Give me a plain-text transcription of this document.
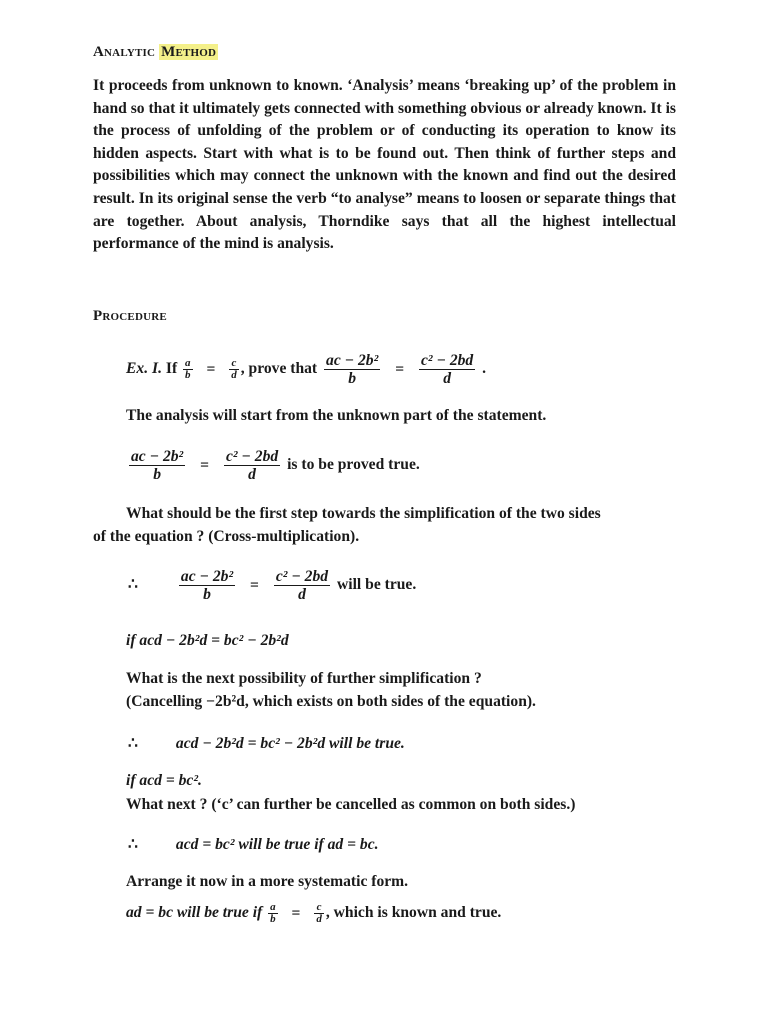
Analytic Method
It proceeds from unknown to known. ‘Analysis’ means ‘breaking up’ of the problem in hand so that it ultimately gets connected with something obvious or already known. It is the process of unfolding of the problem or of conducting its operation to know its hidden aspects. Start with what is to be found out. Then think of further steps and possibilities which may connect the unknown with the known and find out the desired result. In its original sense the verb “to analyse” means to loosen or separate things that are together. About analysis, Thorndike says that all the highest intellectual performance of the mind is analysis.
Procedure
Ex. I. If $\frac{a}{b} = \frac{c}{d}$ , prove that $\frac{\text{ac − 2b²}}{b} = \frac{\text{c² − 2bd}}{d}$ .
The analysis will start from the unknown part of the statement.
$\frac{\text{ac − 2b²}}{b} = \frac{\text{c² − 2bd}}{d}$ is to be proved true.
What should be the first step towards the simplification of the two sides
of the equation ? (Cross-multiplication).
∴	$\frac{\text{ac − 2b²}}{b} = \frac{\text{c² − 2bd}}{d}$ will be true.
if acd − 2b²d = bc² − 2b²d
What is the next possibility of further simplification ?
(Cancelling −2b²d, which exists on both sides of the equation).
∴ acd − 2b²d = bc² − 2b²d will be true.
if acd = bc².
What next ? (‘c’ can further be cancelled as common on both sides.)
∴ acd = bc² will be true if ad = bc.
Arrange it now in a more systematic form.
ad = bc will be true if $\frac{a}{b} = \frac{c}{d}$ , which is known and true.
